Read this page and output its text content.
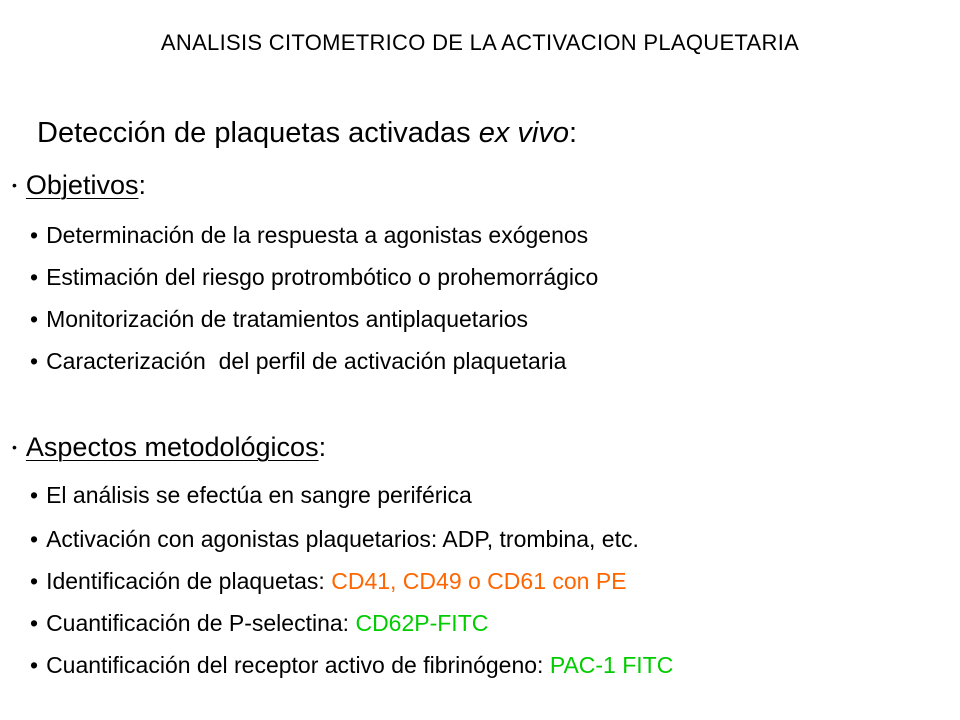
ANALISIS CITOMETRICO DE LA ACTIVACION PLAQUETARIA
Detección de plaquetas activadas ex vivo:
• Objetivos:
• Determinación de la respuesta a agonistas exógenos
• Estimación del riesgo protrombótico o prohemorrágico
• Monitorización de tratamientos antiplaquetarios
• Caracterización  del perfil de activación plaquetaria
• Aspectos metodológicos:
• El análisis se efectúa en sangre periférica
• Activación con agonistas plaquetarios: ADP, trombina, etc.
• Identificación de plaquetas: CD41, CD49 o CD61 con PE
• Cuantificación de P-selectina: CD62P-FITC
• Cuantificación del receptor activo de fibrinógeno: PAC-1 FITC
